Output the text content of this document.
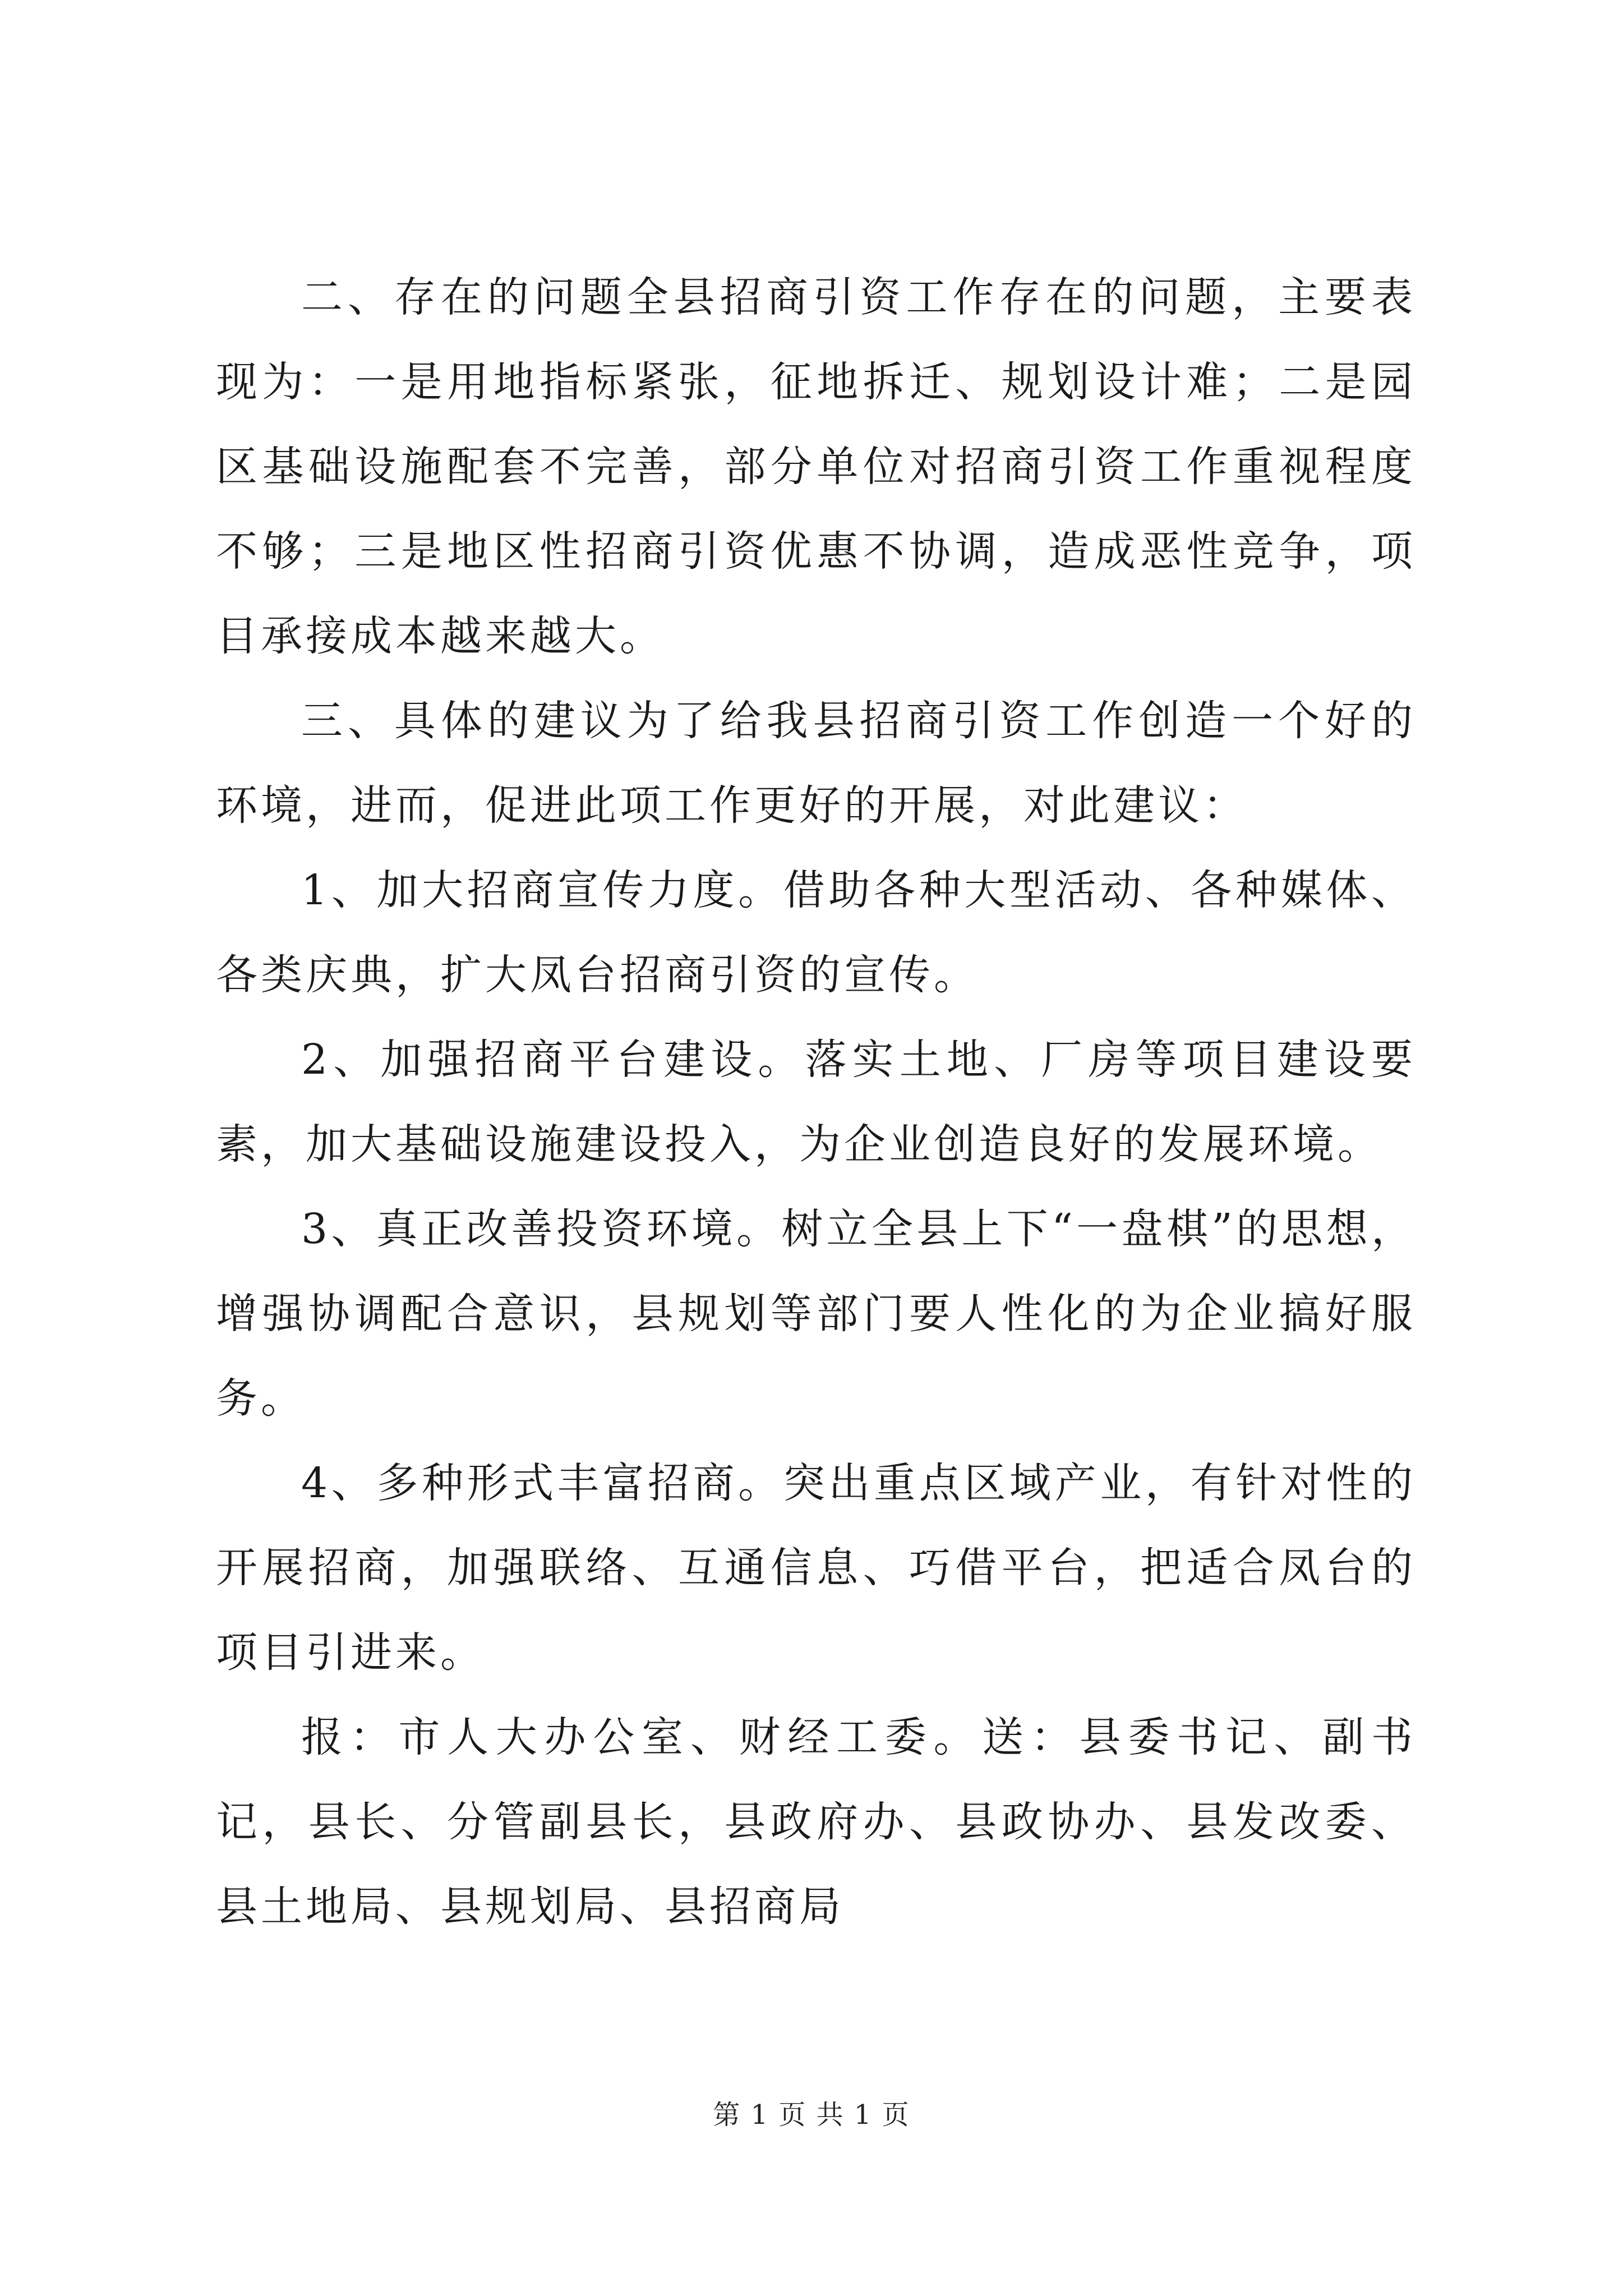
二、存在的问题全县招商引资工作存在的问题，主要表现为：一是用地指标紧张，征地拆迁、规划设计难；二是园区基础设施配套不完善，部分单位对招商引资工作重视程度不够；三是地区性招商引资优惠不协调，造成恶性竞争，项目承接成本越来越大。

三、具体的建议为了给我县招商引资工作创造一个好的环境，进而，促进此项工作更好的开展，对此建议：

1、加大招商宣传力度。借助各种大型活动、各种媒体、各类庆典，扩大凤台招商引资的宣传。

2、加强招商平台建设。落实土地、厂房等项目建设要素，加大基础设施建设投入，为企业创造良好的发展环境。

3、真正改善投资环境。树立全县上下“一盘棋”的思想，增强协调配合意识，县规划等部门要人性化的为企业搞好服务。

4、多种形式丰富招商。突出重点区域产业，有针对性的开展招商，加强联络、互通信息、巧借平台，把适合凤台的项目引进来。

报：市人大办公室、财经工委。送：县委书记、副书记，县长、分管副县长，县政府办、县政协办、县发改委、县土地局、县规划局、县招商局

第 1 页 共 1 页
